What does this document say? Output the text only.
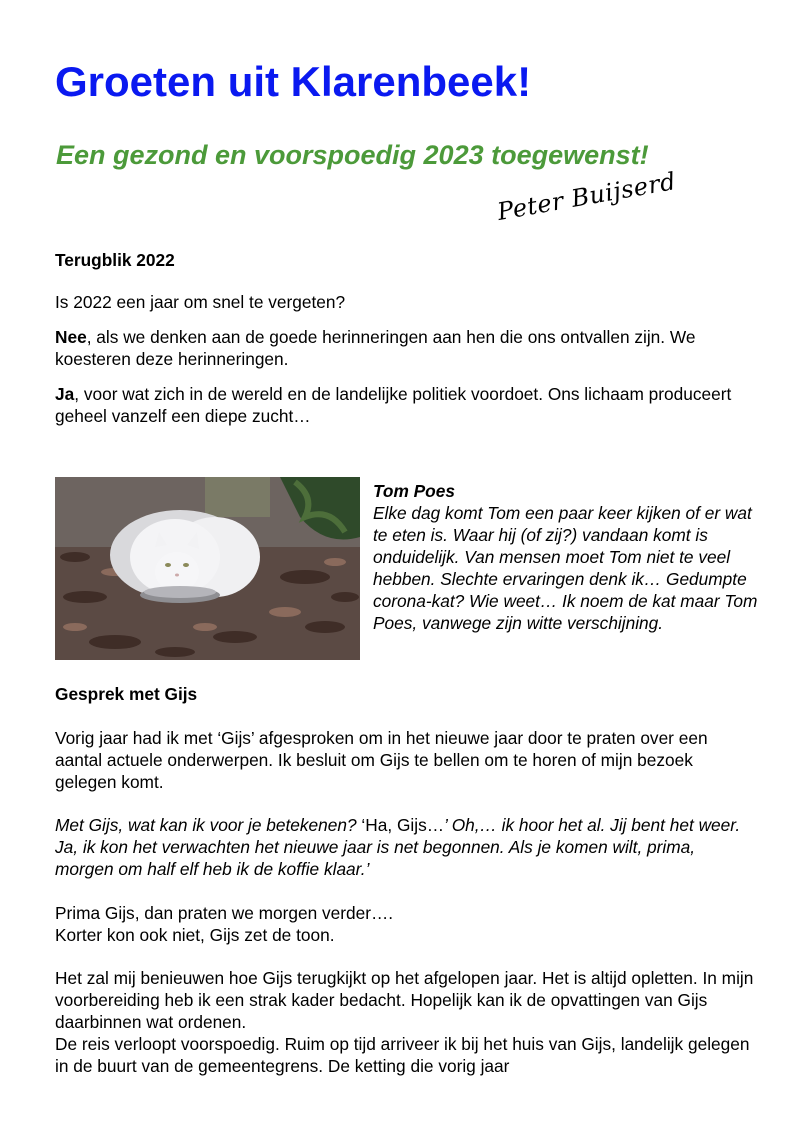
Groeten uit Klarenbeek!
Een gezond en voorspoedig 2023 toegewenst!
Peter Buijserd

Terugblik 2022

Is 2022 een jaar om snel te vergeten?

Nee, als we denken aan de goede herinneringen aan hen die ons ontvallen zijn. We koesteren deze herinneringen.

Ja, voor wat zich in de wereld en de landelijke politiek voordoet. Ons lichaam produceert geheel vanzelf een diepe zucht…

Tom Poes
Elke dag komt Tom een paar keer kijken of er wat te eten is. Waar hij (of zij?) vandaan komt is onduidelijk. Van mensen moet Tom niet te veel hebben. Slechte ervaringen denk ik… Gedumpte corona-kat? Wie weet… Ik noem de kat maar Tom Poes, vanwege zijn witte verschijning.

Gesprek met Gijs

Vorig jaar had ik met ‘Gijs’ afgesproken om in het nieuwe jaar door te praten over een aantal actuele onderwerpen. Ik besluit om Gijs te bellen om te horen of mijn bezoek gelegen komt.

Met Gijs, wat kan ik voor je betekenen? ‘Ha, Gijs…’ Oh,… ik hoor het al. Jij bent het weer. Ja, ik kon het verwachten het nieuwe jaar is net begonnen. Als je komen wilt, prima, morgen om half elf heb ik de koffie klaar.’

Prima Gijs, dan praten we morgen verder….
Korter kon ook niet, Gijs zet de toon.

Het zal mij benieuwen hoe Gijs terugkijkt op het afgelopen jaar. Het is altijd opletten. In mijn voorbereiding heb ik een strak kader bedacht. Hopelijk kan ik de opvattingen van Gijs daarbinnen wat ordenen.

De reis verloopt voorspoedig. Ruim op tijd arriveer ik bij het huis van Gijs, landelijk gelegen in de buurt van de gemeentegrens. De ketting die vorig jaar
